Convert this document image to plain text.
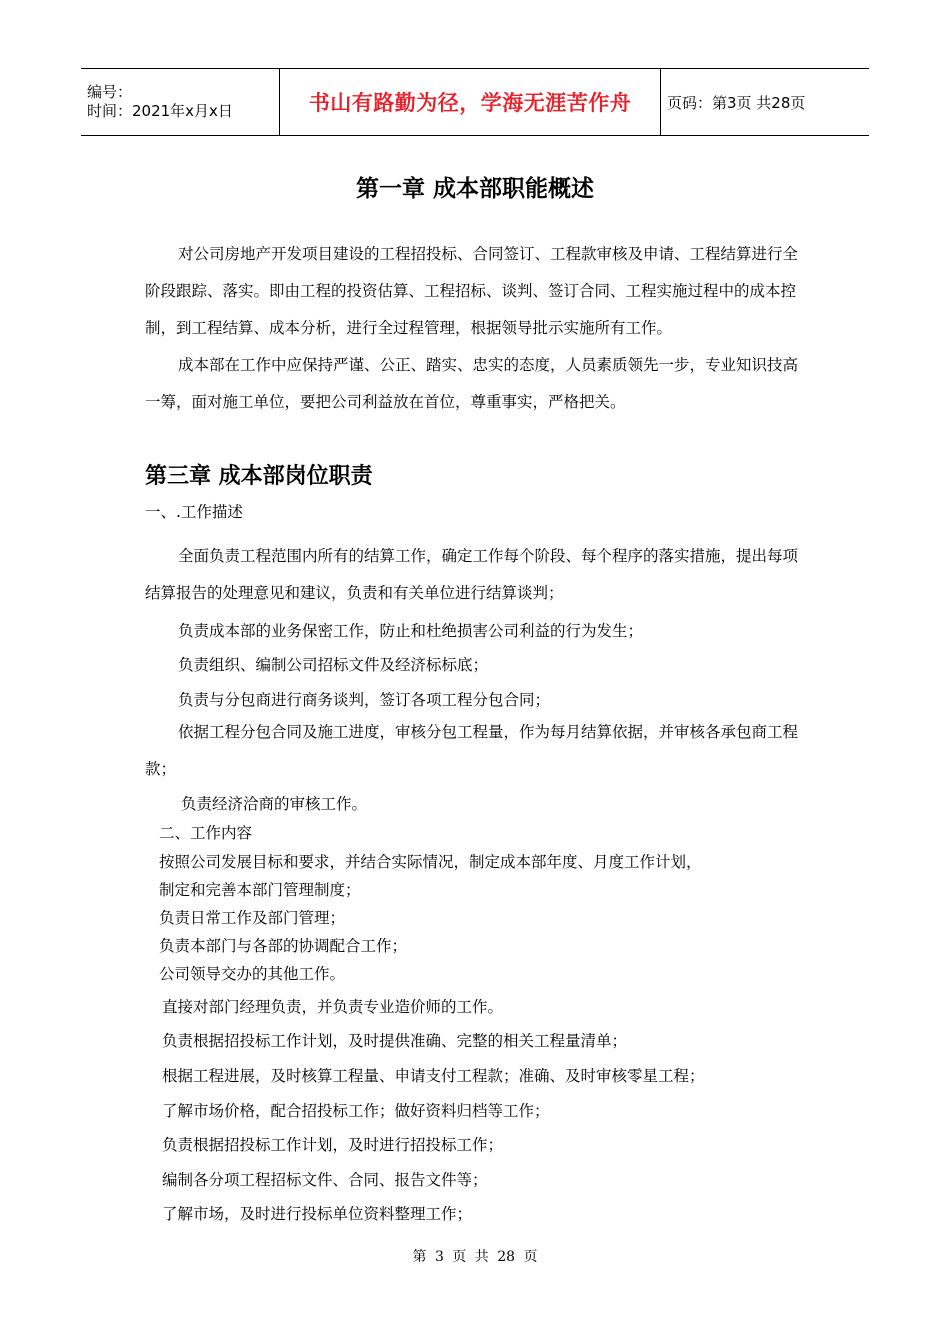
编号：
时间：2021年x月x日	书山有路勤为径，学海无涯苦作舟	页码：第3页 共28页
第一章 成本部职能概述

对公司房地产开发项目建设的工程招投标、合同签订、工程款审核及申请、工程结算进行全阶段跟踪、落实。即由工程的投资估算、工程招标、谈判、签订合同、工程实施过程中的成本控制，到工程结算、成本分析，进行全过程管理，根据领导批示实施所有工作。

成本部在工作中应保持严谨、公正、踏实、忠实的态度，人员素质领先一步，专业知识技高一筹，面对施工单位，要把公司利益放在首位，尊重事实，严格把关。

第三章 成本部岗位职责

一、.工作描述

全面负责工程范围内所有的结算工作，确定工作每个阶段、每个程序的落实措施，提出每项结算报告的处理意见和建议，负责和有关单位进行结算谈判；

负责成本部的业务保密工作，防止和杜绝损害公司利益的行为发生；

负责组织、编制公司招标文件及经济标标底；

负责与分包商进行商务谈判，签订各项工程分包合同；

依据工程分包合同及施工进度，审核分包工程量，作为每月结算依据，并审核各承包商工程款；

负责经济洽商的审核工作。

二、工作内容

按照公司发展目标和要求，并结合实际情况，制定成本部年度、月度工作计划，

制定和完善本部门管理制度；

负责日常工作及部门管理；

负责本部门与各部的协调配合工作；

公司领导交办的其他工作。

直接对部门经理负责，并负责专业造价师的工作。

负责根据招投标工作计划，及时提供准确、完整的相关工程量清单；

根据工程进展，及时核算工程量、申请支付工程款；准确、及时审核零星工程；

了解市场价格，配合招投标工作；做好资料归档等工作；

负责根据招投标工作计划，及时进行招投标工作；

编制各分项工程招标文件、合同、报告文件等；

了解市场，及时进行投标单位资料整理工作；

第 3 页 共 28 页
